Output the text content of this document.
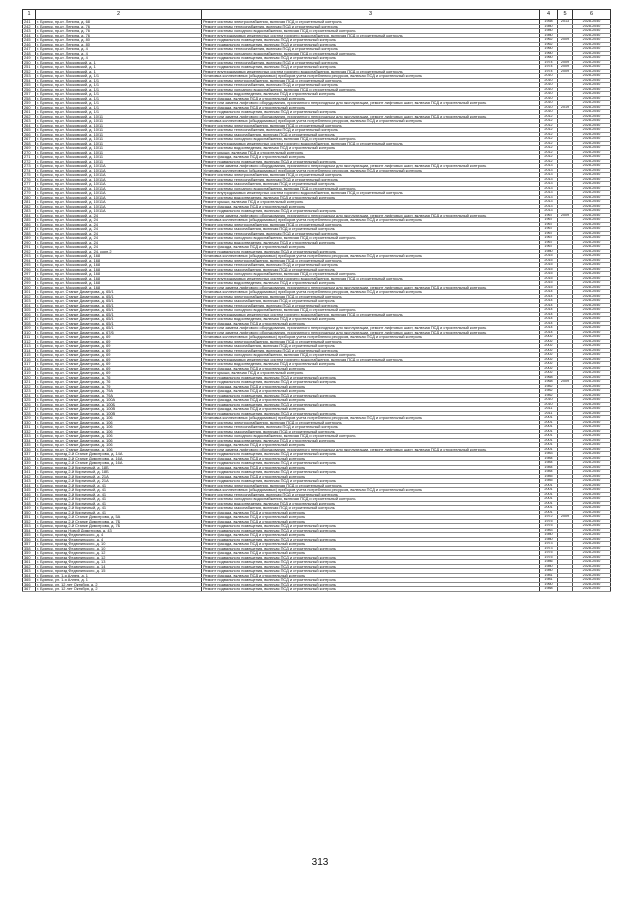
1	2	3	4	5	6
241	г. Брянск, пр-кт. Ленина, д. 68	Ремонт системы электроснабжения, включая ПСД и строительный контроль	1958	2013	2028-2040
242	г. Брянск, пр-кт. Ленина, д. 76	Ремонт системы теплоснабжения, включая ПСД и строительный контроль	1980		2028-2040
243	г. Брянск, пр-кт. Ленина, д. 76	Ремонт системы холодного водоснабжения, включая ПСД и строительный контроль	1980		2028-2040
244	г. Брянск, пр-кт. Ленина, д. 76	Ремонт внутридомовых инженерных систем горячего водоснабжения, включая ПСД и строительный контроль	1980		2028-2040
245	г. Брянск, пр-кт. Ленина, д. 80	Ремонт подвального помещения, включая ПСД и строительный контроль	1962	2009	2028-2040
246	г. Брянск, пр-кт. Ленина, д. 80	Ремонт подвального помещения, включая ПСД и строительный контроль	1962		2028-2040
247	г. Брянск, пр-кт. Ленина, д. 4	Ремонт системы теплоснабжения, включая ПСД и строительный контроль	1960		2028-2040
248	г. Брянск, пр-кт. Ленина, д. 4	Ремонт системы холодного водоснабжения, включая ПСД и строительный контроль	1960		2028-2040
249	г. Брянск, пр-кт. Ленина, д. 4	Ремонт подвального помещения, включая ПСД и строительный контроль	1960		2028-2040
250	г. Брянск, пр-кт. Московский, д. 1	Ремонт системы теплоснабжения, включая ПСД и строительный контроль	1974	2009	2028-2040
251	г. Брянск, пр-кт. Московский, д. 1	Ремонт подвального помещения, включая ПСД и строительный контроль	1974	2009	2028-2040
252	г. Брянск, пр-кт. Московский, д. 1	Ремонт внутридомовых инженерных систем горячего водоснабжения, включая ПСД и строительный контроль	1974	2009	2028-2040
253	г. Брянск, пр-кт. Московский, д. 1/1	Установка коллективных (общедомовых) приборов учета потребления ресурсов, включая ПСД и строительный контроль	2010		2028-2040
254	г. Брянск, пр-кт. Московский, д. 1/1	Ремонт системы электроснабжения, включая ПСД и строительный контроль	2010		2028-2040
255	г. Брянск, пр-кт. Московский, д. 1/1	Ремонт системы теплоснабжения, включая ПСД и строительный контроль	2010		2028-2040
256	г. Брянск, пр-кт. Московский, д. 1/1	Ремонт системы холодного водоснабжения, включая ПСД и строительный контроль	2010		2028-2040
257	г. Брянск, пр-кт. Московский, д. 1/1	Ремонт системы водоотведения, включая ПСД и строительный контроль	2010		2028-2040
258	г. Брянск, пр-кт. Московский, д. 1/1	Ремонт фасада, включая ПСД и строительный контроль	2010		2028-2040
259	г. Брянск, пр-кт. Московский, д. 1/1	Ремонт или замена лифтового оборудования, признанного непригодным для эксплуатации, ремонт лифтовых шахт, включая ПСД и строительный контроль	2010		2028-2040
260	г. Брянск, пр-кт. Московский, д. 1/1	Ремонт фасада, включая ПСД и строительный контроль	2010	2019	2028-2040
261	г. Брянск, пр-кт. Московский, д. 1/1	Ремонт подвального помещения, включая ПСД и строительный контроль	2010		2028-2040
262	г. Брянск, пр-кт. Московский, д. 10/11	Ремонт или замена лифтового оборудования, признанного непригодным для эксплуатации, ремонт лифтовых шахт, включая ПСД и строительный контроль	2012		2028-2040
263	г. Брянск, пр-кт. Московский, д. 10/11	Установка коллективных (общедомовых) приборов учета потребления ресурсов, включая ПСД и строительный контроль	2012		2028-2040
264	г. Брянск, пр-кт. Московский, д. 10/11	Ремонт системы электроснабжения, включая ПСД и строительный контроль	2012		2028-2040
265	г. Брянск, пр-кт. Московский, д. 10/11	Ремонт системы теплоснабжения, включая ПСД и строительный контроль	2012		2028-2040
266	г. Брянск, пр-кт. Московский, д. 10/11	Ремонт системы газоснабжения, включая ПСД и строительный контроль	2012		2028-2040
267	г. Брянск, пр-кт. Московский, д. 10/11	Ремонт системы холодного водоснабжения, включая ПСД и строительный контроль	2012		2028-2040
268	г. Брянск, пр-кт. Московский, д. 10/11	Ремонт внутридомовых инженерных систем горячего водоснабжения, включая ПСД и строительный контроль	2012		2028-2040
269	г. Брянск, пр-кт. Московский, д. 10/11	Ремонт системы водоотведения, включая ПСД и строительный контроль	2012		2028-2040
270	г. Брянск, пр-кт. Московский, д. 10/11	Ремонт крыши, включая ПСД и строительный контроль	2012		2028-2040
271	г. Брянск, пр-кт. Московский, д. 10/11	Ремонт фасада, включая ПСД и строительный контроль	2012		2028-2040
272	г. Брянск, пр-кт. Московский, д. 10/11	Ремонт подвального помещения, включая ПСД и строительный контроль	2012		2028-2040
273	г. Брянск, пр-кт. Московский, д. 10/11А	Ремонт или замена лифтового оборудования, признанного непригодным для эксплуатации, ремонт лифтовых шахт, включая ПСД и строительный контроль	2013		2028-2040
274	г. Брянск, пр-кт. Московский, д. 10/11А	Установка коллективных (общедомовых) приборов учета потребления ресурсов, включая ПСД и строительный контроль	2013		2028-2040
275	г. Брянск, пр-кт. Московский, д. 10/11А	Ремонт системы электроснабжения, включая ПСД и строительный контроль	2013		2028-2040
276	г. Брянск, пр-кт. Московский, д. 10/11А	Ремонт системы теплоснабжения, включая ПСД и строительный контроль	2013		2028-2040
277	г. Брянск, пр-кт. Московский, д. 10/11А	Ремонт системы газоснабжения, включая ПСД и строительный контроль	2013		2028-2040
278	г. Брянск, пр-кт. Московский, д. 10/11А	Ремонт системы холодного водоснабжения, включая ПСД и строительный контроль	2013		2028-2040
279	г. Брянск, пр-кт. Московский, д. 10/11А	Ремонт внутридомовых инженерных систем горячего водоснабжения, включая ПСД и строительный контроль	2013		2028-2040
280	г. Брянск, пр-кт. Московский, д. 10/11А	Ремонт системы водоотведения, включая ПСД и строительный контроль	2013		2028-2040
281	г. Брянск, пр-кт. Московский, д. 10/11А	Ремонт крыши, включая ПСД и строительный контроль	2013		2028-2040
282	г. Брянск, пр-кт. Московский, д. 10/11А	Ремонт фасада, включая ПСД и строительный контроль	2013		2028-2040
283	г. Брянск, пр-кт. Московский, д. 10/11А	Ремонт подвального помещения, включая ПСД и строительный контроль	2013		2028-2040
284	г. Брянск, пр-кт. Московский, д. 24	Ремонт или замена лифтового оборудования, признанного непригодным для эксплуатации, ремонт лифтовых шахт, включая ПСД и строительный контроль	1967	2009	2028-2040
285	г. Брянск, пр-кт. Московский, д. 24	Установка коллективных (общедомовых) приборов учета потребления ресурсов, включая ПСД и строительный контроль	1967		2028-2040
286	г. Брянск, пр-кт. Московский, д. 24	Ремонт системы электроснабжения, включая ПСД и строительный контроль	1967		2028-2040
287	г. Брянск, пр-кт. Московский, д. 24	Ремонт системы газоснабжения, включая ПСД и строительный контроль	1967		2028-2040
288	г. Брянск, пр-кт. Московский, д. 24	Ремонт системы теплоснабжения, включая ПСД и строительный контроль	1967		2028-2040
289	г. Брянск, пр-кт. Московский, д. 24	Ремонт системы холодного водоснабжения, включая ПСД и строительный контроль	1967		2028-2040
290	г. Брянск, пр-кт. Московский, д. 24	Ремонт системы водоотведения, включая ПСД и строительный контроль	1967		2028-2040
291	г. Брянск, пр-кт. Московский, д. 24	Ремонт фасада, включая ПСД и строительный контроль	1967		2028-2040
292	г. Брянск, пр-кт. Московский, д. 24, корп.2	Ремонт подвального помещения, включая ПСД и строительный контроль	1980		2028-2040
293	г. Брянск, пр-кт. Московский, д. 168	Установка коллективных (общедомовых) приборов учета потребления ресурсов, включая ПСД и строительный контроль	2015		2028-2040
294	г. Брянск, пр-кт. Московский, д. 168	Ремонт системы электроснабжения, включая ПСД и строительный контроль	2015		2028-2040
295	г. Брянск, пр-кт. Московский, д. 168	Ремонт системы теплоснабжения, включая ПСД и строительный контроль	2015		2028-2040
296	г. Брянск, пр-кт. Московский, д. 168	Ремонт системы газоснабжения, включая ПСД и строительный контроль	2015		2028-2040
297	г. Брянск, пр-кт. Московский, д. 168	Ремонт системы холодного водоснабжения, включая ПСД и строительный контроль	2015		2028-2040
298	г. Брянск, пр-кт. Московский, д. 168	Ремонт внутридомовых инженерных систем горячего водоснабжения, включая ПСД и строительный контроль	2015		2028-2040
299	г. Брянск, пр-кт. Московский, д. 168	Ремонт системы водоотведения, включая ПСД и строительный контроль	2015		2028-2040
300	г. Брянск, пр-кт. Московский, д. 168	Ремонт или замена лифтового оборудования, признанного непригодным для эксплуатации, ремонт лифтовых шахт, включая ПСД и строительный контроль	2015		2028-2040
301	г. Брянск, пр-кт. Станке Димитрова, д. 65/1	Установка коллективных (общедомовых) приборов учета потребления ресурсов, включая ПСД и строительный контроль	2014		2028-2040
302	г. Брянск, пр-кт. Станке Димитрова, д. 65/1	Ремонт системы электроснабжения, включая ПСД и строительный контроль	2014		2028-2040
303	г. Брянск, пр-кт. Станке Димитрова, д. 65/1	Ремонт системы газоснабжения, включая ПСД и строительный контроль	2014		2028-2040
304	г. Брянск, пр-кт. Станке Димитрова, д. 65/1	Ремонт системы теплоснабжения, включая ПСД и строительный контроль	2014		2028-2040
305	г. Брянск, пр-кт. Станке Димитрова, д. 65/1	Ремонт системы холодного водоснабжения, включая ПСД и строительный контроль	2014		2028-2040
306	г. Брянск, пр-кт. Станке Димитрова, д. 65/1	Ремонт внутридомовых инженерных систем горячего водоснабжения, включая ПСД и строительный контроль	2014		2028-2040
307	г. Брянск, пр-кт. Станке Димитрова, д. 65/1	Ремонт системы водоотведения, включая ПСД и строительный контроль	2014		2028-2040
308	г. Брянск, пр-кт. Станке Димитрова, д. 65/1	Ремонт фасада, включая ПСД и строительный контроль	2014		2028-2040
309	г. Брянск, пр-кт. Станке Димитрова, д. 65/1	Ремонт или замена лифтового оборудования, признанного непригодным для эксплуатации, ремонт лифтовых шахт, включая ПСД и строительный контроль	2014		2028-2040
310	г. Брянск, пр-кт. Станке Димитрова, д. 67/6	Ремонт или замена лифтового оборудования, признанного непригодным для эксплуатации, ремонт лифтовых шахт, включая ПСД и строительный контроль	2014		2028-2040
311	г. Брянск, пр-кт. Станке Димитрова, д. 69	Установка коллективных (общедомовых) приборов учета потребления ресурсов, включая ПСД и строительный контроль	2002		2028-2040
312	г. Брянск, пр-кт. Станке Димитрова, д. 69	Ремонт системы электроснабжения, включая ПСД и строительный контроль	2002		2028-2040
313	г. Брянск, пр-кт. Станке Димитрова, д. 69	Ремонт системы газоснабжения, включая ПСД и строительный контроль	2002		2028-2040
314	г. Брянск, пр-кт. Станке Димитрова, д. 69	Ремонт системы теплоснабжения, включая ПСД и строительный контроль	2002		2028-2040
315	г. Брянск, пр-кт. Станке Димитрова, д. 69	Ремонт системы холодного водоснабжения, включая ПСД и строительный контроль	2002		2028-2040
316	г. Брянск, пр-кт. Станке Димитрова, д. 69	Ремонт внутридомовых инженерных систем горячего водоснабжения, включая ПСД и строительный контроль	2002		2028-2040
317	г. Брянск, пр-кт. Станке Димитрова, д. 69	Ремонт системы водоотведения, включая ПСД и строительный контроль	2002		2028-2040
318	г. Брянск, пр-кт. Станке Димитрова, д. 69	Ремонт фасада, включая ПСД и строительный контроль	2002		2028-2040
319	г. Брянск, пр-кт. Станке Димитрова, д. 69	Ремонт крыши, включая ПСД и строительный контроль	2002		2028-2040
320	г. Брянск, пр-кт. Станке Димитрова, д. 76	Ремонт подвального помещения, включая ПСД и строительный контроль	1968		2028-2040
321	г. Брянск, пр-кт. Станке Димитрова, д. 76	Ремонт подвального помещения, включая ПСД и строительный контроль	1968	2009	2028-2040
322	г. Брянск, пр-кт. Станке Димитрова, д. 79	Ремонт фасада, включая ПСД и строительный контроль	1982		2028-2040
323	г. Брянск, пр-кт. Станке Димитрова, д. 79А	Ремонт фасада, включая ПСД и строительный контроль	1982		2028-2040
324	г. Брянск, пр-кт. Станке Димитрова, д. 79А	Ремонт подвального помещения, включая ПСД и строительный контроль	1982		2028-2040
325	г. Брянск, пр-кт. Станке Димитрова, д. 100А	Ремонт фасада, включая ПСД и строительный контроль	2010		2028-2040
326	г. Брянск, пр-кт. Станке Димитрова, д. 100Б	Ремонт подвального помещения, включая ПСД и строительный контроль	2010		2028-2040
327	г. Брянск, пр-кт. Станке Димитрова, д. 100В	Ремонт фасада, включая ПСД и строительный контроль	2011		2028-2040
328	г. Брянск, пр-кт. Станке Димитрова, д. 100В	Ремонт подвального помещения, включая ПСД и строительный контроль	2011		2028-2040
329	г. Брянск, пр-кт. Станке Димитрова, д. 106	Установка коллективных (общедомовых) приборов учета потребления ресурсов, включая ПСД и строительный контроль	2001		2028-2040
330	г. Брянск, пр-кт. Станке Димитрова, д. 106	Ремонт системы электроснабжения, включая ПСД и строительный контроль	2001		2028-2040
331	г. Брянск, пр-кт. Станке Димитрова, д. 106	Ремонт системы теплоснабжения, включая ПСД и строительный контроль	2001		2028-2040
332	г. Брянск, пр-кт. Станке Димитрова, д. 106	Ремонт системы газоснабжения, включая ПСД и строительный контроль	2001		2028-2040
333	г. Брянск, пр-кт. Станке Димитрова, д. 106	Ремонт системы холодного водоснабжения, включая ПСД и строительный контроль	2001		2028-2040
334	г. Брянск, пр-кт. Станке Димитрова, д. 106	Ремонт системы водоотведения, включая ПСД и строительный контроль	2001		2028-2040
335	г. Брянск, пр-кт. Станке Димитрова, д. 106	Ремонт фасада, включая ПСД и строительный контроль	2001		2028-2040
336	г. Брянск, пр-кт. Станке Димитрова, д. 106	Ремонт или замена лифтового оборудования, признанного непригодным для эксплуатации, ремонт лифтовых шахт, включая ПСД и строительный контроль	2001		2028-2040
337	г. Брянск, проезд 2-й Станке Димитрова, д. 14А	Ремонт подвального помещения, включая ПСД и строительный контроль	1983		2028-2040
338	г. Брянск, проезд 2-й Станке Димитрова, д. 16А	Ремонт фасада, включая ПСД и строительный контроль	1984		2028-2040
339	г. Брянск, проезд 2-й Станке Димитрова, д. 16А	Ремонт подвального помещения, включая ПСД и строительный контроль	1984		2028-2040
340	г. Брянск, проезд 2-й Кирпичный, д. 18Б	Ремонт фасада, включая ПСД и строительный контроль	1984		2028-2040
341	г. Брянск, проезд 2-й Кирпичный, д. 18Б	Ремонт подвального помещения, включая ПСД и строительный контроль	1984		2028-2040
342	г. Брянск, проезд 2-й Кирпичный, д. 21А	Ремонт фасада, включая ПСД и строительный контроль	1985		2028-2040
343	г. Брянск, проезд 2-й Кирпичный, д. 21А	Ремонт подвального помещения, включая ПСД и строительный контроль	1985		2028-2040
344	г. Брянск, проезд 2-й Кирпичный, д. 41	Ремонт системы электроснабжения, включая ПСД и строительный контроль	2001		2028-2040
345	г. Брянск, проезд 2-й Кирпичный, д. 41	Установка коллективных (общедомовых) приборов учета потребления ресурсов, включая ПСД и строительный контроль	2001		2028-2040
346	г. Брянск, проезд 2-й Кирпичный, д. 41	Ремонт системы теплоснабжения, включая ПСД и строительный контроль	2001		2028-2040
347	г. Брянск, проезд 2-й Кирпичный, д. 41	Ремонт системы холодного водоснабжения, включая ПСД и строительный контроль	2001		2028-2040
348	г. Брянск, проезд 2-й Кирпичный, д. 41	Ремонт системы водоотведения, включая ПСД и строительный контроль	2001		2028-2040
349	г. Брянск, проезд 2-й Кирпичный, д. 41	Ремонт системы газоснабжения, включая ПСД и строительный контроль	2001		2028-2040
350	г. Брянск, проезд 2-й Кирпичный, д. 41	Ремонт фасада, включая ПСД и строительный контроль	2001		2028-2040
351	г. Брянск, проезд 2-й Станке Димитрова, д. 5А	Ремонт фасада, включая ПСД и строительный контроль	1972	2009	2028-2040
352	г. Брянск, проезд 2-й Станке Димитрова, д. 7Б	Ремонт фасада, включая ПСД и строительный контроль	1975		2028-2040
353	г. Брянск, проезд 2-й Станке Димитрова, д. 7Б	Ремонт подвального помещения, включая ПСД и строительный контроль	1975		2028-2040
354	г. Брянск, проезд Новой Димитрова, д. 43	Ремонт подвального помещения, включая ПСД и строительный контроль	1983		2028-2040
355	г. Брянск, проезд Федюнинского, д. 4	Ремонт фасада, включая ПСД и строительный контроль	1980		2028-2040
356	г. Брянск, проезд Федюнинского, д. 4	Ремонт подвального помещения, включая ПСД и строительный контроль	1980		2028-2040
357	г. Брянск, проезд Федюнинского, д. 10	Ремонт фасада, включая ПСД и строительный контроль	1973		2028-2040
358	г. Брянск, проезд Федюнинского, д. 10	Ремонт подвального помещения, включая ПСД и строительный контроль	1973		2028-2040
359	г. Брянск, проезд Федюнинского, д. 12	Ремонт фасада, включая ПСД и строительный контроль	1975		2028-2040
360	г. Брянск, проезд Федюнинского, д. 12	Ремонт подвального помещения, включая ПСД и строительный контроль	1975		2028-2040
361	г. Брянск, проезд Федюнинского, д. 13	Ремонт подвального помещения, включая ПСД и строительный контроль	1986		2028-2040
362	г. Брянск, проезд Федюнинского, д. 14	Ремонт подвального помещения, включая ПСД и строительный контроль	1980		2028-2040
363	г. Брянск, проезд Федюнинского, д. 15	Ремонт подвального помещения, включая ПСД и строительный контроль	1980		2028-2040
364	г. Брянск, ул. 1-я Аллея, д. 1	Ремонт фасада, включая ПСД и строительный контроль	1981		2028-2040
365	г. Брянск, ул. 1-я Аллея, д. 1	Ремонт подвального помещения, включая ПСД и строительный контроль	1981		2028-2040
366	г. Брянск, ул. 12 лет Октября, д. 2	Ремонт подвального помещения, включая ПСД и строительный контроль	1960		2028-2040
367	г. Брянск, ул. 12 лет Октября, д. 2	Ремонт подвального помещения, включая ПСД и строительный контроль	1988		2028-2040
313
